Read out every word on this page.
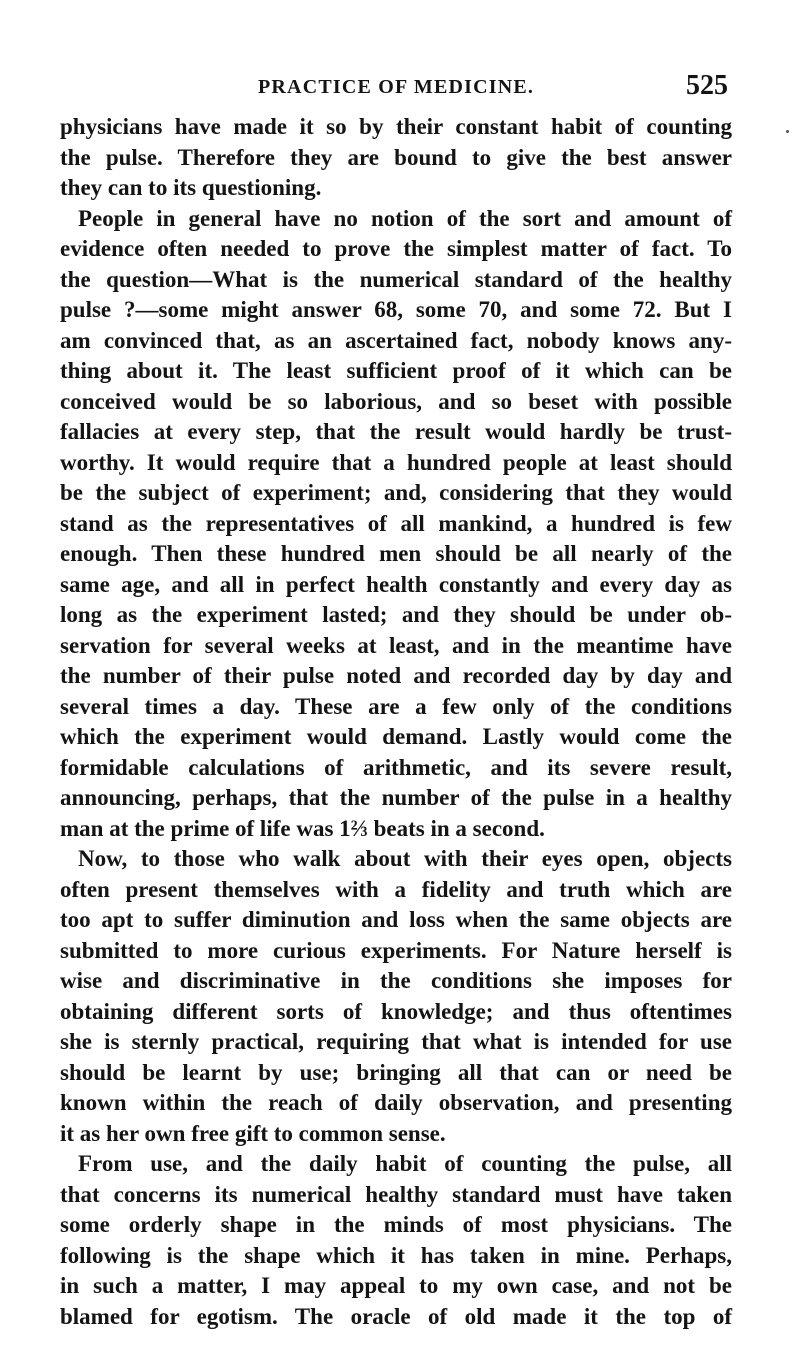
PRACTICE OF MEDICINE.	525
physicians have made it so by their constant habit of counting
the pulse. Therefore they are bound to give the best answer
they can to its questioning.
People in general have no notion of the sort and amount of
evidence often needed to prove the simplest matter of fact. To
the question—What is the numerical standard of the healthy
pulse ?—some might answer 68, some 70, and some 72. But I
am convinced that, as an ascertained fact, nobody knows any-
thing about it. The least sufficient proof of it which can be
conceived would be so laborious, and so beset with possible
fallacies at every step, that the result would hardly be trust-
worthy. It would require that a hundred people at least should
be the subject of experiment; and, considering that they would
stand as the representatives of all mankind, a hundred is few
enough. Then these hundred men should be all nearly of the
same age, and all in perfect health constantly and every day as
long as the experiment lasted; and they should be under ob-
servation for several weeks at least, and in the meantime have
the number of their pulse noted and recorded day by day and
several times a day. These are a few only of the conditions
which the experiment would demand. Lastly would come the
formidable calculations of arithmetic, and its severe result,
announcing, perhaps, that the number of the pulse in a healthy
man at the prime of life was 1⅔ beats in a second.
Now, to those who walk about with their eyes open, objects
often present themselves with a fidelity and truth which are
too apt to suffer diminution and loss when the same objects are
submitted to more curious experiments. For Nature herself is
wise and discriminative in the conditions she imposes for
obtaining different sorts of knowledge; and thus oftentimes
she is sternly practical, requiring that what is intended for use
should be learnt by use; bringing all that can or need be
known within the reach of daily observation, and presenting
it as her own free gift to common sense.
From use, and the daily habit of counting the pulse, all
that concerns its numerical healthy standard must have taken
some orderly shape in the minds of most physicians. The
following is the shape which it has taken in mine. Perhaps,
in such a matter, I may appeal to my own case, and not be
blamed for egotism. The oracle of old made it the top of
